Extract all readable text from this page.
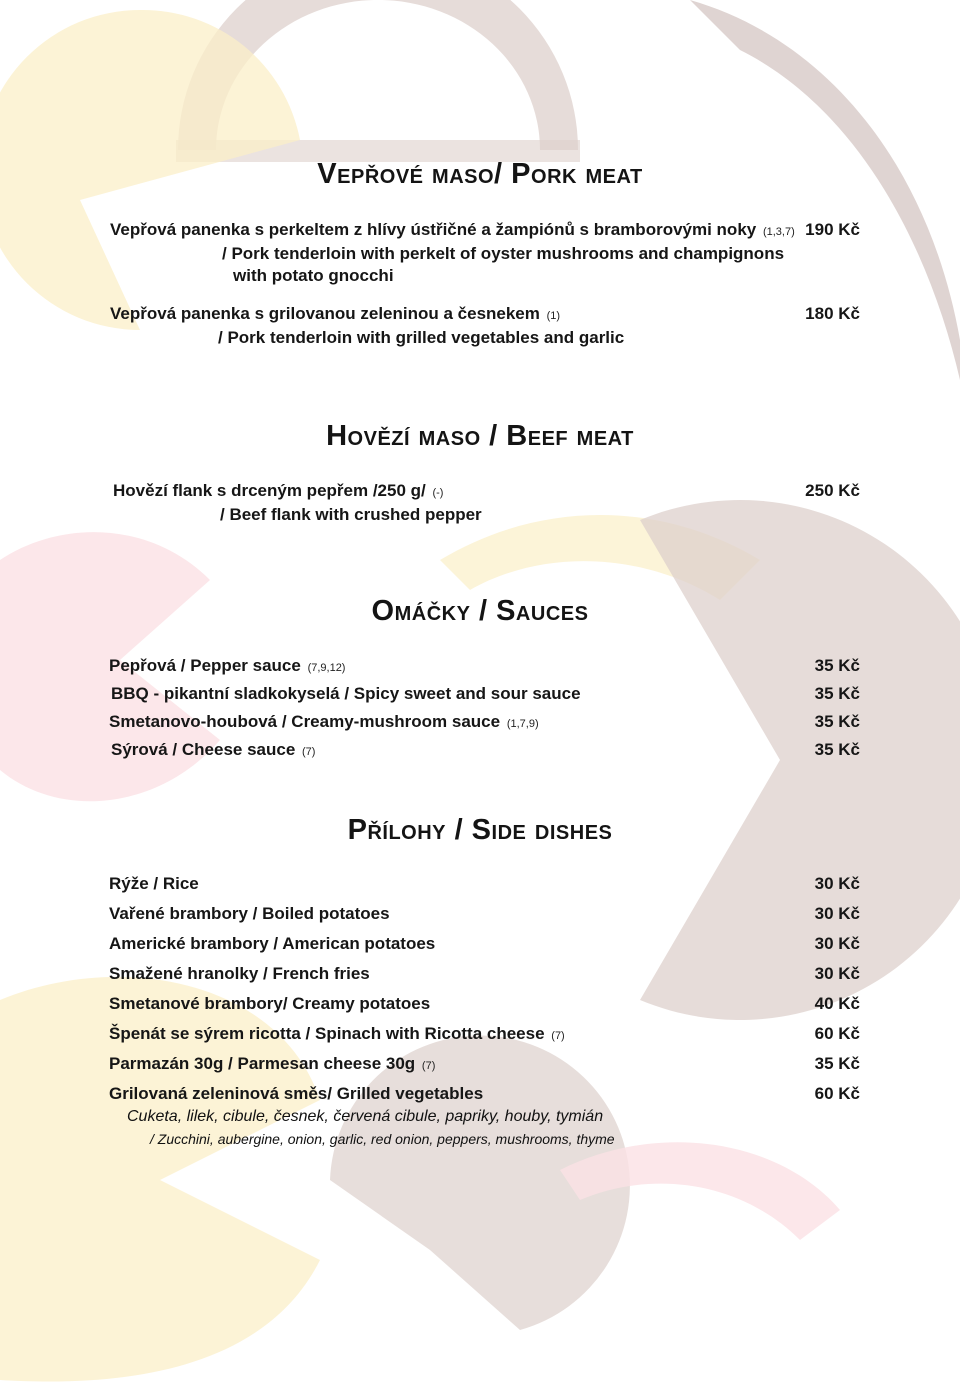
Vepřové maso/ Pork meat
Vepřová panenka s perkeltem z hlívy ústřičné a žampiónů s bramborovými noky (1,3,7)
/ Pork tenderloin with perkelt of oyster mushrooms and champignons
with potato gnocchi
190 Kč
Vepřová panenka s grilovanou zeleninou a česnekem (1)
/ Pork tenderloin with grilled vegetables and garlic
180 Kč
Hovězí maso / Beef meat
Hovězí flank s drceným pepřem /250 g/ (-)
/ Beef flank with crushed pepper
250 Kč
Omáčky / Sauces
Pepřová / Pepper sauce (7,9,12)	35 Kč
BBQ - pikantní sladkokyselá / Spicy sweet and sour sauce	35 Kč
Smetanovo-houbová / Creamy-mushroom sauce (1,7,9)	35 Kč
Sýrová / Cheese sauce (7)	35 Kč
Přílohy / Side dishes
Rýže / Rice	30 Kč
Vařené brambory / Boiled potatoes	30 Kč
Americké brambory / American potatoes	30 Kč
Smažené hranolky / French fries	30 Kč
Smetanové brambory/ Creamy potatoes	40 Kč
Špenát se sýrem ricotta / Spinach with Ricotta cheese (7)	60 Kč
Parmazán 30g / Parmesan cheese 30g (7)	35 Kč
Grilovaná zeleninová směs/ Grilled vegetables	60 Kč
Cuketa, lilek, cibule, česnek, červená cibule, papriky, houby, tymián
/ Zucchini, aubergine, onion, garlic, red onion, peppers, mushrooms, thyme
